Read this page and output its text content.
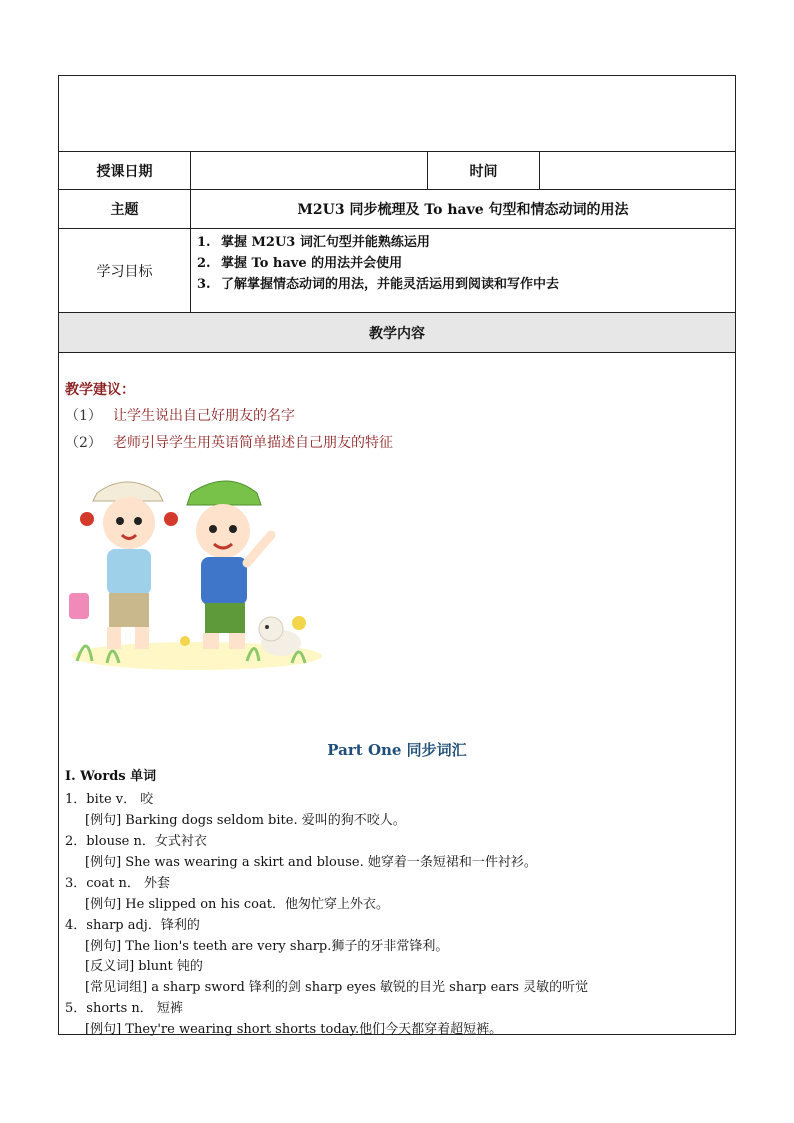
授课日期	时间
主题	M2U3 同步梳理及 To have 句型和情态动词的用法
学习目标
1. 掌握 M2U3 词汇句型并能熟练运用
2. 掌握 To have 的用法并会使用
3. 了解掌握情态动词的用法，并能灵活运用到阅读和写作中去
教学内容
教学建议：
（1） 让学生说出自己好朋友的名字
（2） 老师引导学生用英语简单描述自己朋友的特征
Part One 同步词汇
I. Words 单词
1．bite v． 咬
[例句] Barking dogs seldom bite. 爱叫的狗不咬人。
2．blouse n．女式衬衣
[例句] She was wearing a skirt and blouse. 她穿着一条短裙和一件衬衫。
3．coat n． 外套
[例句] He slipped on his coat．他匆忙穿上外衣。
4．sharp adj．锋利的
[例句] The lion's teeth are very sharp.狮子的牙非常锋利。
[反义词] blunt 钝的
[常见词组] a sharp sword 锋利的剑 sharp eyes 敏锐的目光 sharp ears 灵敏的听觉
5．shorts n． 短裤
[例句] They're wearing short shorts today.他们今天都穿着超短裤。
